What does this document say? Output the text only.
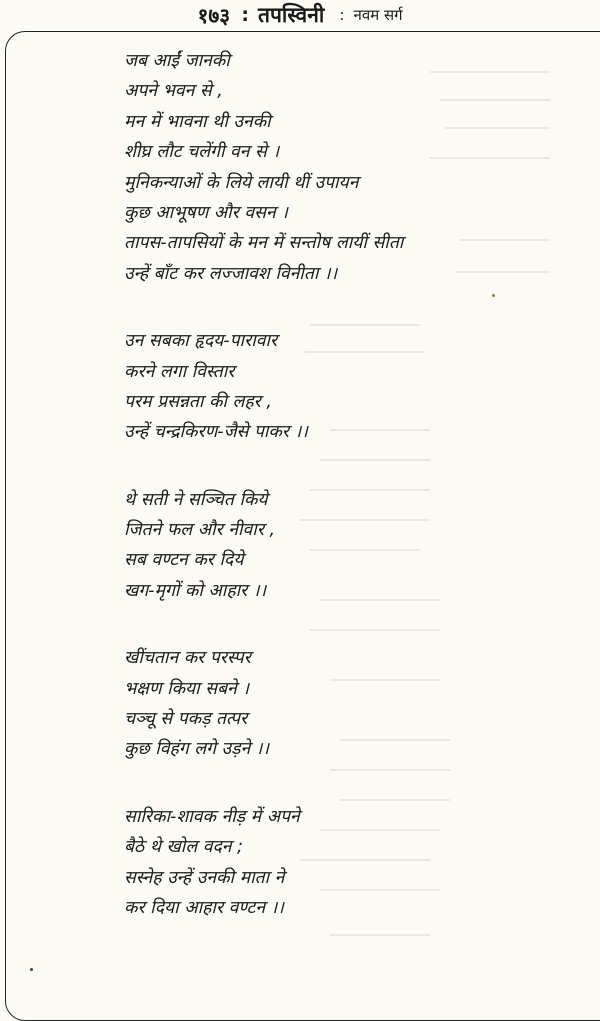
१७३ : तपस्विनी : नवम सर्ग
जब आईं जानकी
अपने भवन से ,
मन में भावना थी उनकी
शीघ्र लौट चलेंगी वन से ।
मुनिकन्याओं के लिये लायी थीं उपायन
कुछ आभूषण और वसन ।
तापस-तापसियों के मन में सन्तोष लायीं सीता
उन्हें बाँट कर लज्जावश विनीता ।।
उन सबका हृदय-पारावार
करने लगा विस्तार
परम प्रसन्नता की लहर ,
उन्हें चन्द्रकिरण-जैसे पाकर ।।
थे सती ने सञ्चित किये
जितने फल और नीवार ,
सब वण्टन कर दिये
खग-मृगों को आहार ।।
खींचतान कर परस्पर
भक्षण किया सबने ।
चञ्चू से पकड़ तत्पर
कुछ विहंग लगे उड़ने ।।
सारिका-शावक नीड़ में अपने
बैठे थे खोल वदन ;
सस्नेह उन्हें उनकी माता ने
कर दिया आहार वण्टन ।।
